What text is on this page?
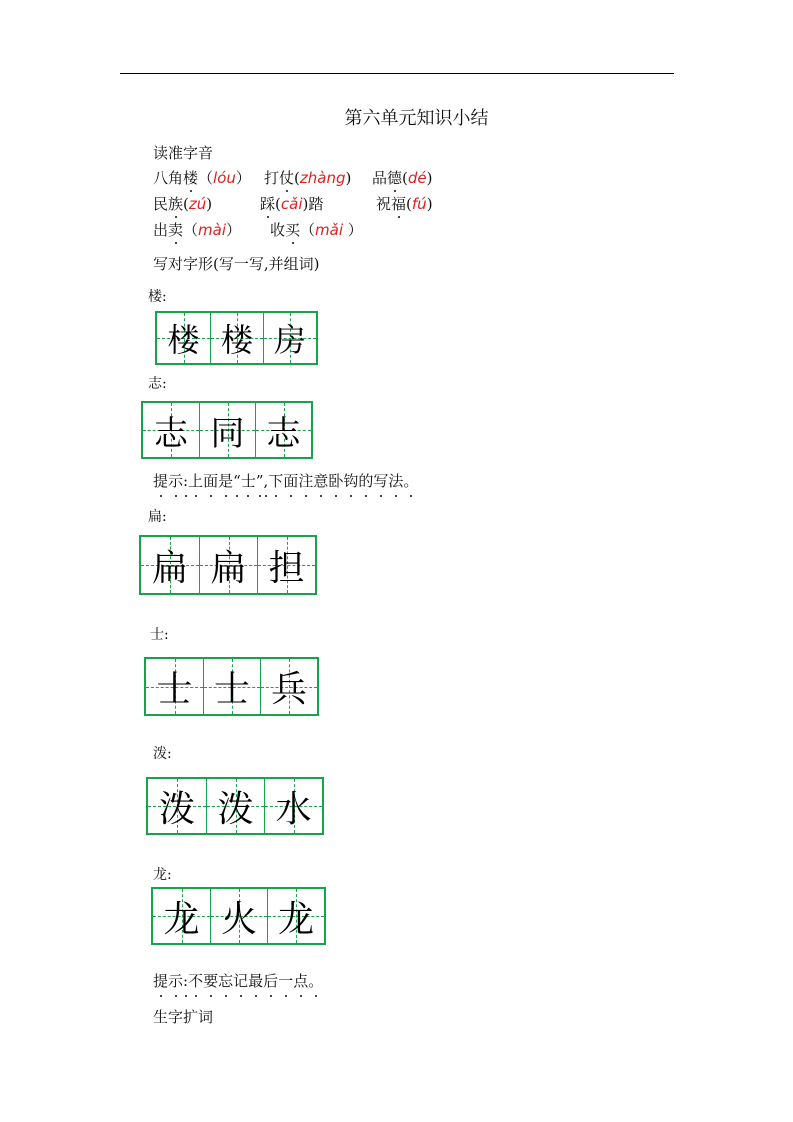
第六单元知识小结
读准字音
八角楼（lóu） 打仗(zhàng) 品德(dé)
民族(zú)	踩(cǎi)踏	祝福(fú)
出卖（mài） 收买（mǎi ）
写对字形(写一写,并组词)
楼:
楼 楼 房
志:
志 同 志
提示:上面是“士”,下面注意卧钩的写法。
扁:
扁 扁 担
士:
士 士 兵
泼:
泼 泼 水
龙:
龙 火 龙
提示:不要忘记最后一点。
生字扩词
